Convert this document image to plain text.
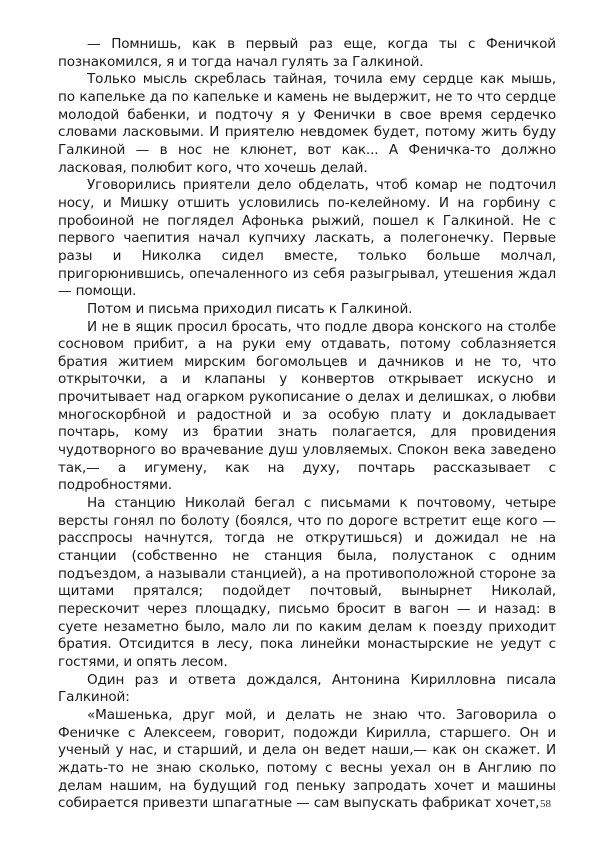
— Помнишь, как в первый раз еще, когда ты с Феничкой познакомился, я и тогда начал гулять за Галкиной.

Только мысль скреблась тайная, точила ему сердце как мышь, по капельке да по капельке и камень не выдержит, не то что сердце молодой бабенки, и подточу я у Фенички в свое время сердечко словами ласковыми. И приятелю невдомек будет, потому жить буду Галкиной — в нос не клюнет, вот как... А Феничка-то должно ласковая, полюбит кого, что хочешь делай.

Уговорились приятели дело обделать, чтоб комар не подточил носу, и Мишку отшить условились по-келейному. И на горбину с пробоиной не поглядел Афонька рыжий, пошел к Галкиной. Не с первого чаепития начал купчиху ласкать, а полегонечку. Первые разы и Николка сидел вместе, только больше молчал, пригорюнившись, опечаленного из себя разыгрывал, утешения ждал — помощи.

Потом и письма приходил писать к Галкиной.

И не в ящик просил бросать, что подле двора конского на столбе сосновом прибит, а на руки ему отдавать, потому соблазняется братия житием мирским богомольцев и дачников и не то, что открыточки, а и клапаны у конвертов открывает искусно и прочитывает над огарком рукописание о делах и делишках, о любви многоскорбной и радостной и за особую плату и докладывает почтарь, кому из братии знать полагается, для провидения чудотворного во врачевание душ уловляемых. Спокон века заведено так,— а игумену, как на духу, почтарь рассказывает с подробностями.

На станцию Николай бегал с письмами к почтовому, четыре версты гонял по болоту (боялся, что по дороге встретит еще кого — расспросы начнутся, тогда не открутишься) и дожидал не на станции (собственно не станция была, полустанок с одним подъездом, а называли станцией), а на противоположной стороне за щитами прятался; подойдет почтовый, вынырнет Николай, перескочит через площадку, письмо бросит в вагон — и назад: в суете незаметно было, мало ли по каким делам к поезду приходит братия. Отсидится в лесу, пока линейки монастырские не уедут с гостями, и опять лесом.

Один раз и ответа дождался, Антонина Кирилловна писала Галкиной:

«Машенька, друг мой, и делать не знаю что. Заговорила о Феничке с Алексеем, говорит, подожди Кирилла, старшего. Он и ученый у нас, и старший, и дела он ведет наши,— как он скажет. И ждать-то не знаю сколько, потому с весны уехал он в Англию по делам нашим, на будущий год пеньку запродать хочет и машины собирается привезти шпагатные — сам выпускать фабрикат хочет, 58
